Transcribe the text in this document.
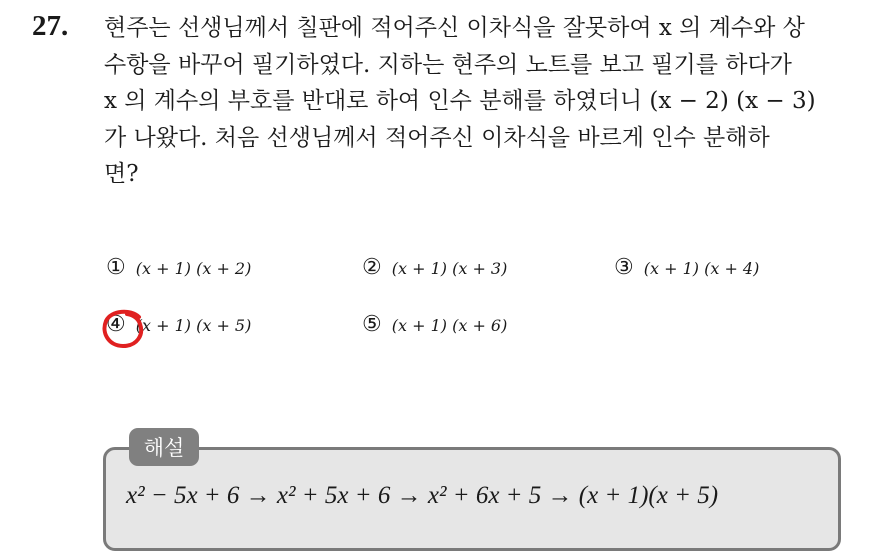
27. 현주는 선생님께서 칠판에 적어주신 이차식을 잘못하여 x 의 계수와 상
수항을 바꾸어 필기하였다. 지하는 현주의 노트를 보고 필기를 하다가
x 의 계수의 부호를 반대로 하여 인수 분해를 하였더니 (x − 2) (x − 3)
가 나왔다. 처음 선생님께서 적어주신 이차식을 바르게 인수 분해하
면?
① (x + 1) (x + 2)	② (x + 1) (x + 3)	③ (x + 1) (x + 4)
④ (x + 1) (x + 5)	⑤ (x + 1) (x + 6)
해설
x² − 5x + 6 → x² + 5x + 6 → x² + 6x + 5 → (x + 1)(x + 5)
